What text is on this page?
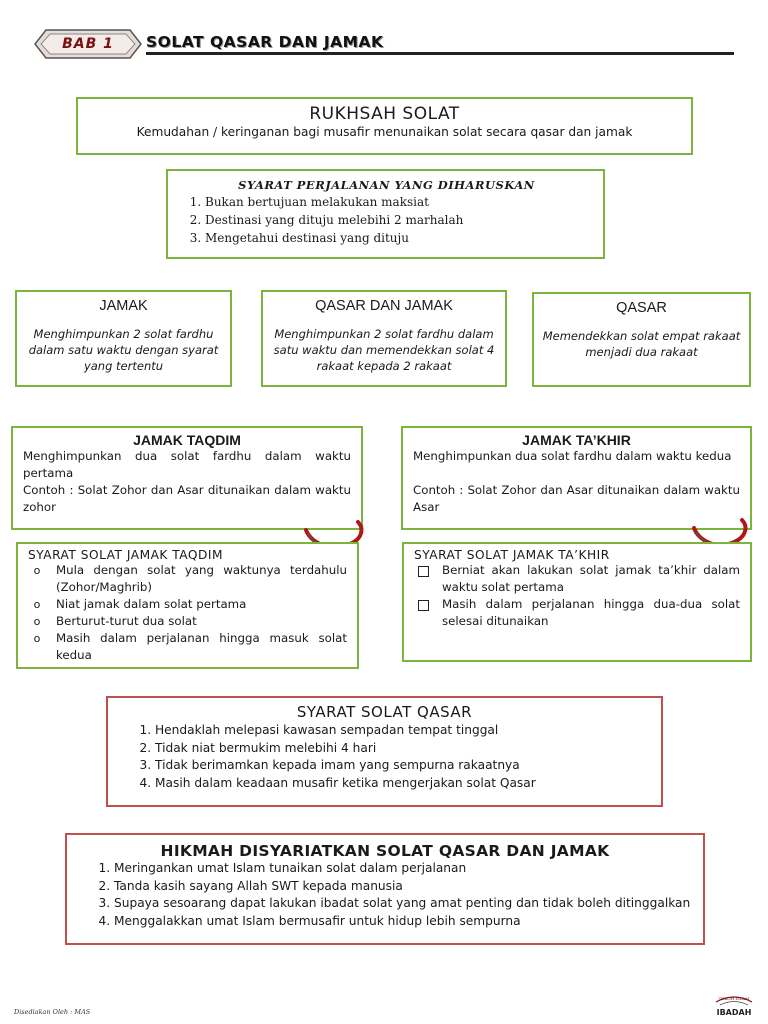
BAB 1	SOLAT QASAR DAN JAMAK
RUKHSAH SOLAT

Kemudahan / keringanan bagi musafir menunaikan solat secara qasar dan jamak

SYARAT PERJALANAN YANG DIHARUSKAN
1. Bukan bertujuan melakukan maksiat
2. Destinasi yang dituju melebihi 2 marhalah
3. Mengetahui destinasi yang dituju
JAMAK

Menghimpunkan 2 solat fardhu dalam satu waktu dengan syarat yang tertentu

QASAR DAN JAMAK

Menghimpunkan 2 solat fardhu dalam satu waktu dan memendekkan solat 4 rakaat kepada 2 rakaat

QASAR

Memendekkan solat empat rakaat menjadi dua rakaat

JAMAK TAQDIM

Menghimpunkan dua solat fardhu dalam waktu pertama

Contoh : Solat Zohor dan Asar ditunaikan dalam waktu zohor

JAMAK TA’KHIR

Menghimpunkan dua solat fardhu dalam waktu kedua

Contoh : Solat Zohor dan Asar ditunaikan dalam waktu Asar

SYARAT SOLAT JAMAK TAQDIM
o	Mula dengan solat yang waktunya terdahulu (Zohor/Maghrib)
o	Niat jamak dalam solat pertama
o	Berturut-turut dua solat
o	Masih dalam perjalanan hingga masuk solat kedua
SYARAT SOLAT JAMAK TA’KHIR
Berniat akan lakukan solat jamak ta’khir dalam waktu solat pertama
Masih dalam perjalanan hingga dua-dua solat selesai ditunaikan
SYARAT SOLAT QASAR
1. Hendaklah melepasi kawasan sempadan tempat tinggal
2. Tidak niat bermukim melebihi 4 hari
3. Tidak berimamkan kepada imam yang sempurna rakaatnya
4. Masih dalam keadaan musafir ketika mengerjakan solat Qasar
HIKMAH DISYARIATKAN SOLAT QASAR DAN JAMAK
1. Meringankan umat Islam tunaikan solat dalam perjalanan
2. Tanda kasih sayang Allah SWT kepada manusia
3. Supaya sesoarang dapat lakukan ibadat solat yang amat penting dan tidak boleh ditinggalkan
4. Menggalakkan umat Islam bermusafir untuk hidup lebih sempurna
Disediakan Oleh : MAS
TOKOH ISLAM
IBADAH
